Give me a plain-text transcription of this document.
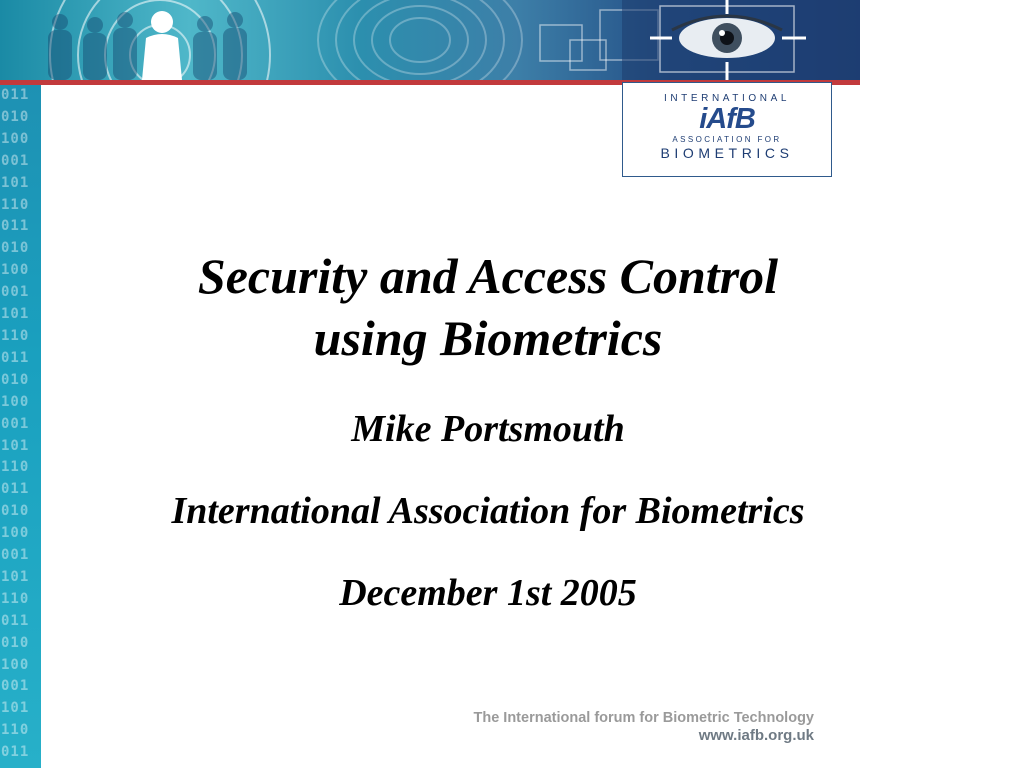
011
010
100
001
101
110
011
010
100
001
101
110
011
010
100
001
101
110
011
010
100
001
101
110
011
010
100
001
101
110
011
INTERNATIONAL
iAfB
ASSOCIATION FOR
BIOMETRICS
Security and Access Control
using Biometrics
Mike Portsmouth
International Association for Biometrics
December 1st 2005
The International forum for Biometric Technology
www.iafb.org.uk
